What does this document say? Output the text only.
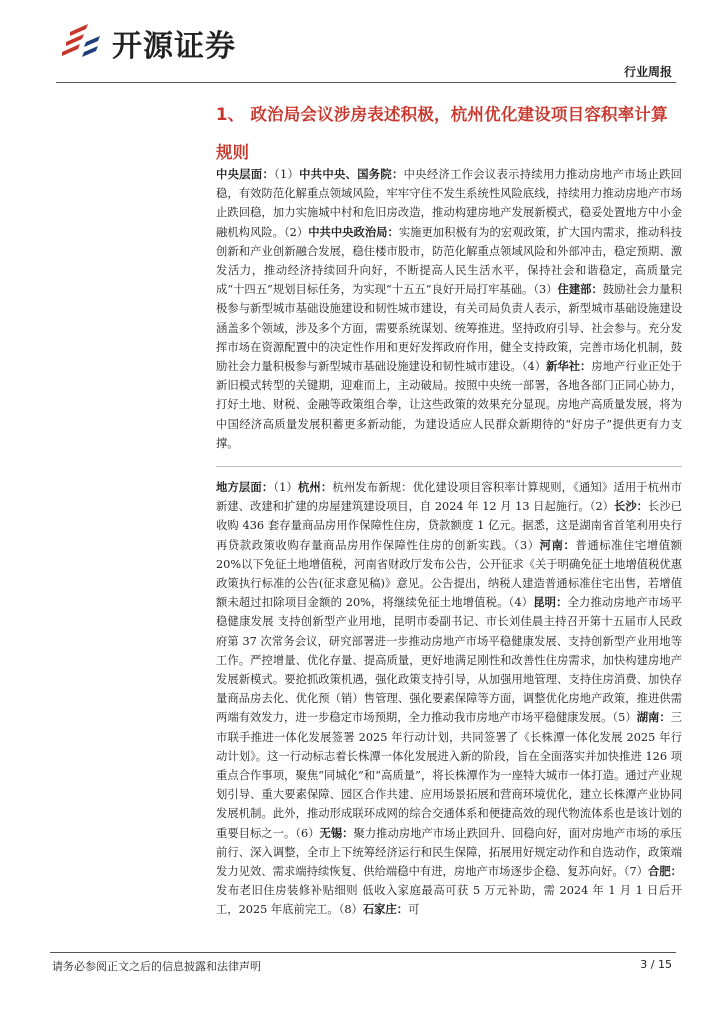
开源证券
行业周报
1、 政治局会议涉房表述积极，杭州优化建设项目容积率计算
规则
中央层面：（1）中共中央、国务院：中央经济工作会议表示持续用力推动房地产市场止跌回稳，有效防范化解重点领域风险，牢牢守住不发生系统性风险底线，持续用力推动房地产市场止跌回稳，加力实施城中村和危旧房改造，推动构建房地产发展新模式，稳妥处置地方中小金融机构风险。（2）中共中央政治局：实施更加积极有为的宏观政策，扩大国内需求，推动科技创新和产业创新融合发展，稳住楼市股市，防范化解重点领域风险和外部冲击，稳定预期、激发活力，推动经济持续回升向好，不断提高人民生活水平，保持社会和谐稳定，高质量完成“十四五”规划目标任务，为实现“十五五”良好开局打牢基础。（3）住建部：鼓励社会力量积极参与新型城市基础设施建设和韧性城市建设，有关司局负责人表示，新型城市基础设施建设涵盖多个领域，涉及多个方面，需要系统谋划、统筹推进。坚持政府引导、社会参与。充分发挥市场在资源配置中的决定性作用和更好发挥政府作用，健全支持政策，完善市场化机制，鼓励社会力量积极参与新型城市基础设施建设和韧性城市建设。（4）新华社：房地产行业正处于新旧模式转型的关键期，迎难而上，主动破局。按照中央统一部署，各地各部门正同心协力，打好土地、财税、金融等政策组合拳，让这些政策的效果充分显现。房地产高质量发展，将为中国经济高质量发展积蓄更多新动能，为建设适应人民群众新期待的“好房子”提供更有力支撑。
地方层面：（1）杭州：杭州发布新规：优化建设项目容积率计算规则，《通知》适用于杭州市新建、改建和扩建的房屋建筑建设项目，自 2024 年 12 月 13 日起施行。（2）长沙：长沙已收购 436 套存量商品房用作保障性住房，贷款额度 1 亿元。据悉，这是湖南省首笔利用央行再贷款政策收购存量商品房用作保障性住房的创新实践。（3）河南：普通标准住宅增值额 20%以下免征土地增值税，河南省财政厅发布公告，公开征求《关于明确免征土地增值税优惠政策执行标准的公告(征求意见稿)》意见。公告提出，纳税人建造普通标准住宅出售，若增值额未超过扣除项目金额的 20%，将继续免征土地增值税。（4）昆明：全力推动房地产市场平稳健康发展 支持创新型产业用地，昆明市委副书记、市长刘佳晨主持召开第十五届市人民政府第 37 次常务会议，研究部署进一步推动房地产市场平稳健康发展、支持创新型产业用地等工作。严控增量、优化存量、提高质量，更好地满足刚性和改善性住房需求，加快构建房地产发展新模式。要抢抓政策机遇，强化政策支持引导，从加强用地管理、支持住房消费、加快存量商品房去化、优化预（销）售管理、强化要素保障等方面，调整优化房地产政策，推进供需两端有效发力，进一步稳定市场预期，全力推动我市房地产市场平稳健康发展。（5）湖南：三市联手推进一体化发展签署 2025 年行动计划，共同签署了《长株潭一体化发展 2025 年行动计划》。这一行动标志着长株潭一体化发展进入新的阶段，旨在全面落实并加快推进 126 项重点合作事项，聚焦“同城化”和“高质量”，将长株潭作为一座特大城市一体打造。通过产业规划引导、重大要素保障、园区合作共建、应用场景拓展和营商环境优化，建立长株潭产业协同发展机制。此外，推动形成联环成网的综合交通体系和便捷高效的现代物流体系也是该计划的重要目标之一。（6）无锡：聚力推动房地产市场止跌回升、回稳向好，面对房地产市场的承压前行、深入调整，全市上下统筹经济运行和民生保障，拓展用好规定动作和自选动作，政策端发力见效、需求端持续恢复、供给端稳中有进，房地产市场逐步企稳、复苏向好。（7）合肥：发布老旧住房装修补贴细则 低收入家庭最高可获 5 万元补助，需 2024 年 1 月 1 日后开工，2025 年底前完工。（8）石家庄：可
请务必参阅正文之后的信息披露和法律声明	3 / 15
